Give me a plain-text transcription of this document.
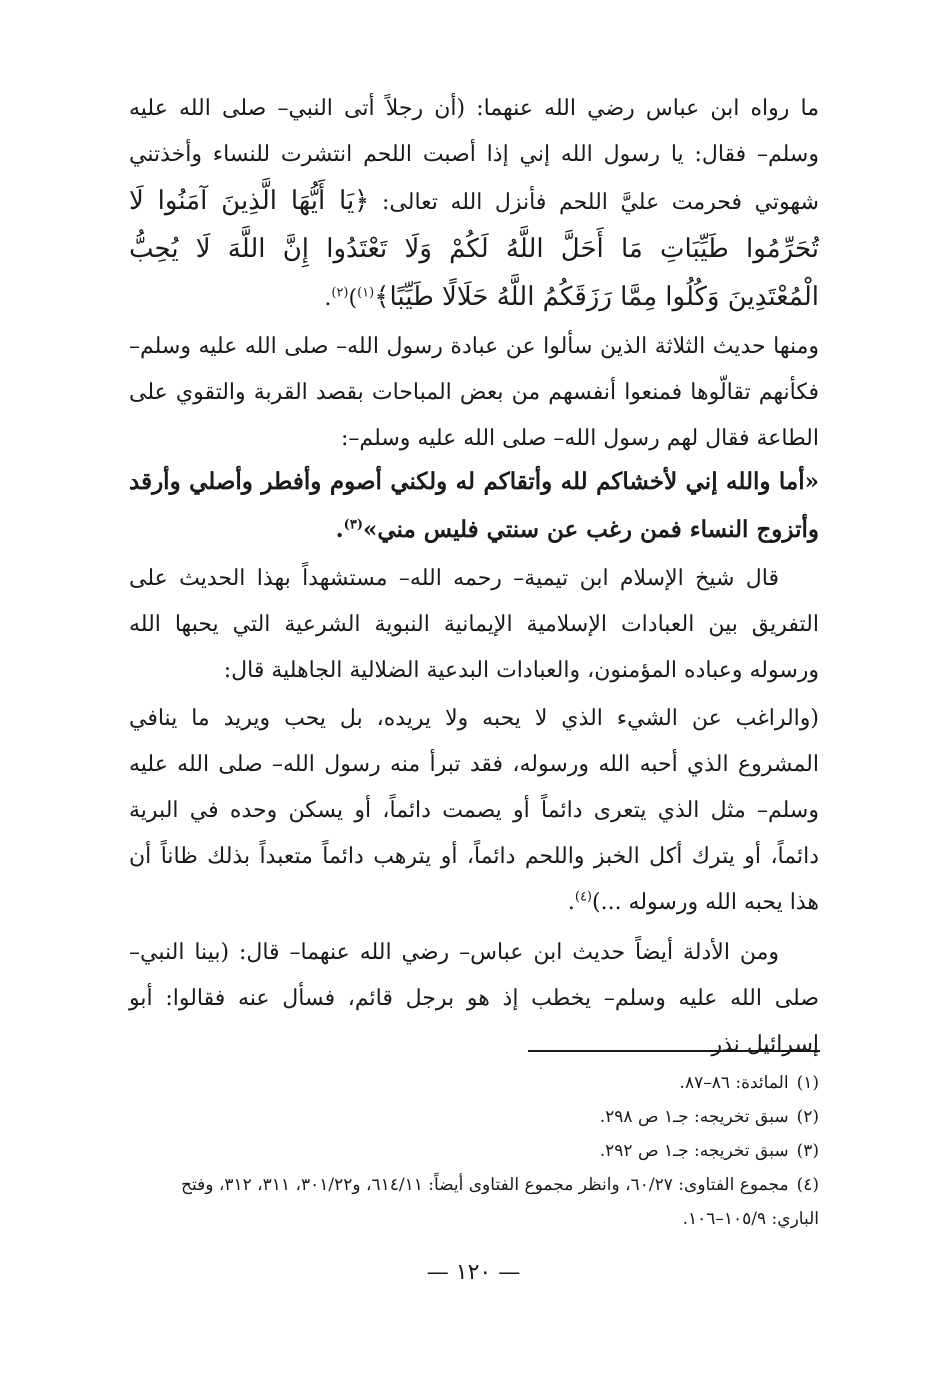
ما رواه ابن عباس رضي الله عنهما: (أن رجلاً أتى النبي– صلى الله عليه وسلم– فقال: يا رسول الله إني إذا أصبت اللحم انتشرت للنساء وأخذتني شهوتي فحرمت عليَّ اللحم فأنزل الله تعالى: ﴿يَا أَيُّهَا الَّذِينَ آمَنُوا لَا تُحَرِّمُوا طَيِّبَاتِ مَا أَحَلَّ اللَّهُ لَكُمْ وَلَا تَعْتَدُوا إِنَّ اللَّهَ لَا يُحِبُّ الْمُعْتَدِينَ وَكُلُوا مِمَّا رَزَقَكُمُ اللَّهُ حَلَالًا طَيِّبًا﴾$^{(١)}$)$^{(٢)}$.

ومنها حديث الثلاثة الذين سألوا عن عبادة رسول الله– صلى الله عليه وسلم– فكأنهم تقالّوها فمنعوا أنفسهم من بعض المباحات بقصد القربة والتقوي على الطاعة فقال لهم رسول الله– صلى الله عليه وسلم–:

«أما والله إني لأخشاكم لله وأتقاكم له ولكني أصوم وأفطر وأصلي وأرقد وأتزوج النساء فمن رغب عن سنتي فليس مني»$^{(٣)}$.

قال شيخ الإسلام ابن تيمية– رحمه الله– مستشهداً بهذا الحديث على التفريق بين العبادات الإسلامية الإيمانية النبوية الشرعية التي يحبها الله ورسوله وعباده المؤمنون، والعبادات البدعية الضلالية الجاهلية قال:

(والراغب عن الشيء الذي لا يحبه ولا يريده، بل يحب ويريد ما ينافي المشروع الذي أحبه الله ورسوله، فقد تبرأ منه رسول الله– صلى الله عليه وسلم– مثل الذي يتعرى دائماً أو يصمت دائماً، أو يسكن وحده في البرية دائماً، أو يترك أكل الخبز واللحم دائماً، أو يترهب دائماً متعبداً بذلك ظاناً أن هذا يحبه الله ورسوله ...)$^{(٤)}$.

ومن الأدلة أيضاً حديث ابن عباس– رضي الله عنهما– قال: (بينا النبي– صلى الله عليه وسلم– يخطب إذ هو برجل قائم، فسأل عنه فقالوا: أبو إسرائيل نذر

(١)المائدة: ٨٦–٨٧.
(٢)سبق تخريجه: جـ١ ص ٢٩٨.
(٣)سبق تخريجه: جـ١ ص ٢٩٢.
(٤)مجموع الفتاوى: ٦٠/٢٧، وانظر مجموع الفتاوى أيضاً: ٦١٤/١١، و٣٠١/٢٢، ٣١١، ٣١٢، وفتح الباري: ١٠٥/٩–١٠٦.
— ١٢٠ —
